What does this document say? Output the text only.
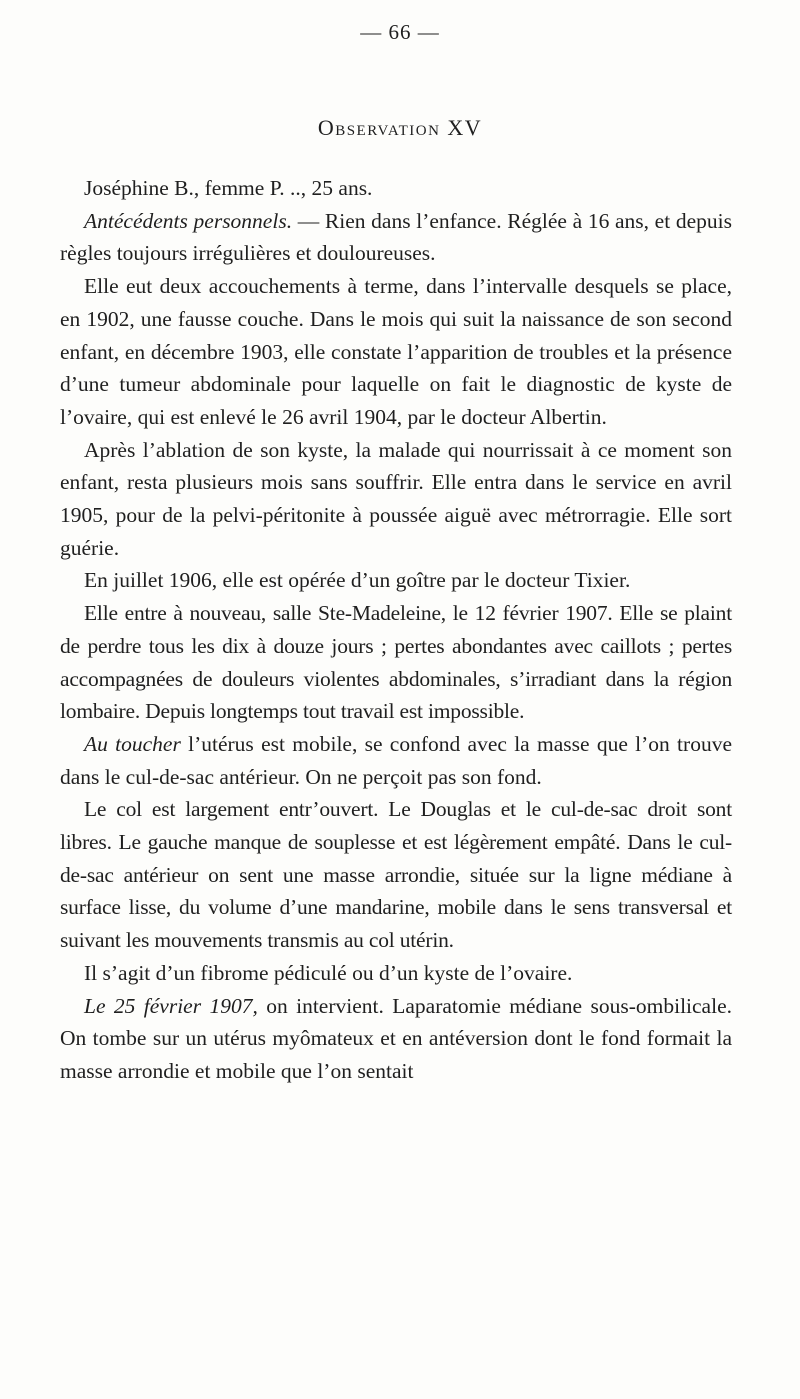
— 66 —
Observation XV

Joséphine B., femme P. .., 25 ans.

Antécédents personnels. — Rien dans l’enfance. Réglée à 16 ans, et depuis règles toujours irrégulières et douloureuses.

Elle eut deux accouchements à terme, dans l’intervalle desquels se place, en 1902, une fausse couche. Dans le mois qui suit la naissance de son second enfant, en décembre 1903, elle constate l’apparition de troubles et la présence d’une tumeur abdominale pour laquelle on fait le diagnostic de kyste de l’ovaire, qui est enlevé le 26 avril 1904, par le docteur Albertin.

Après l’ablation de son kyste, la malade qui nourrissait à ce moment son enfant, resta plusieurs mois sans souffrir. Elle entra dans le service en avril 1905, pour de la pelvi-péritonite à poussée aiguë avec métrorragie. Elle sort guérie.

En juillet 1906, elle est opérée d’un goître par le docteur Tixier.

Elle entre à nouveau, salle Ste-Madeleine, le 12 février 1907. Elle se plaint de perdre tous les dix à douze jours ; pertes abondantes avec caillots ; pertes accompagnées de douleurs violentes abdominales, s’irradiant dans la région lombaire. Depuis longtemps tout travail est impossible.

Au toucher l’utérus est mobile, se confond avec la masse que l’on trouve dans le cul-de-sac antérieur. On ne perçoit pas son fond.

Le col est largement entr’ouvert. Le Douglas et le cul-de-sac droit sont libres. Le gauche manque de souplesse et est légèrement empâté. Dans le cul-de-sac antérieur on sent une masse arrondie, située sur la ligne médiane à surface lisse, du volume d’une mandarine, mobile dans le sens transversal et suivant les mouvements transmis au col utérin.

Il s’agit d’un fibrome pédiculé ou d’un kyste de l’ovaire.

Le 25 février 1907, on intervient. Laparatomie médiane sous-ombilicale. On tombe sur un utérus myômateux et en antéversion dont le fond formait la masse arrondie et mobile que l’on sentait
